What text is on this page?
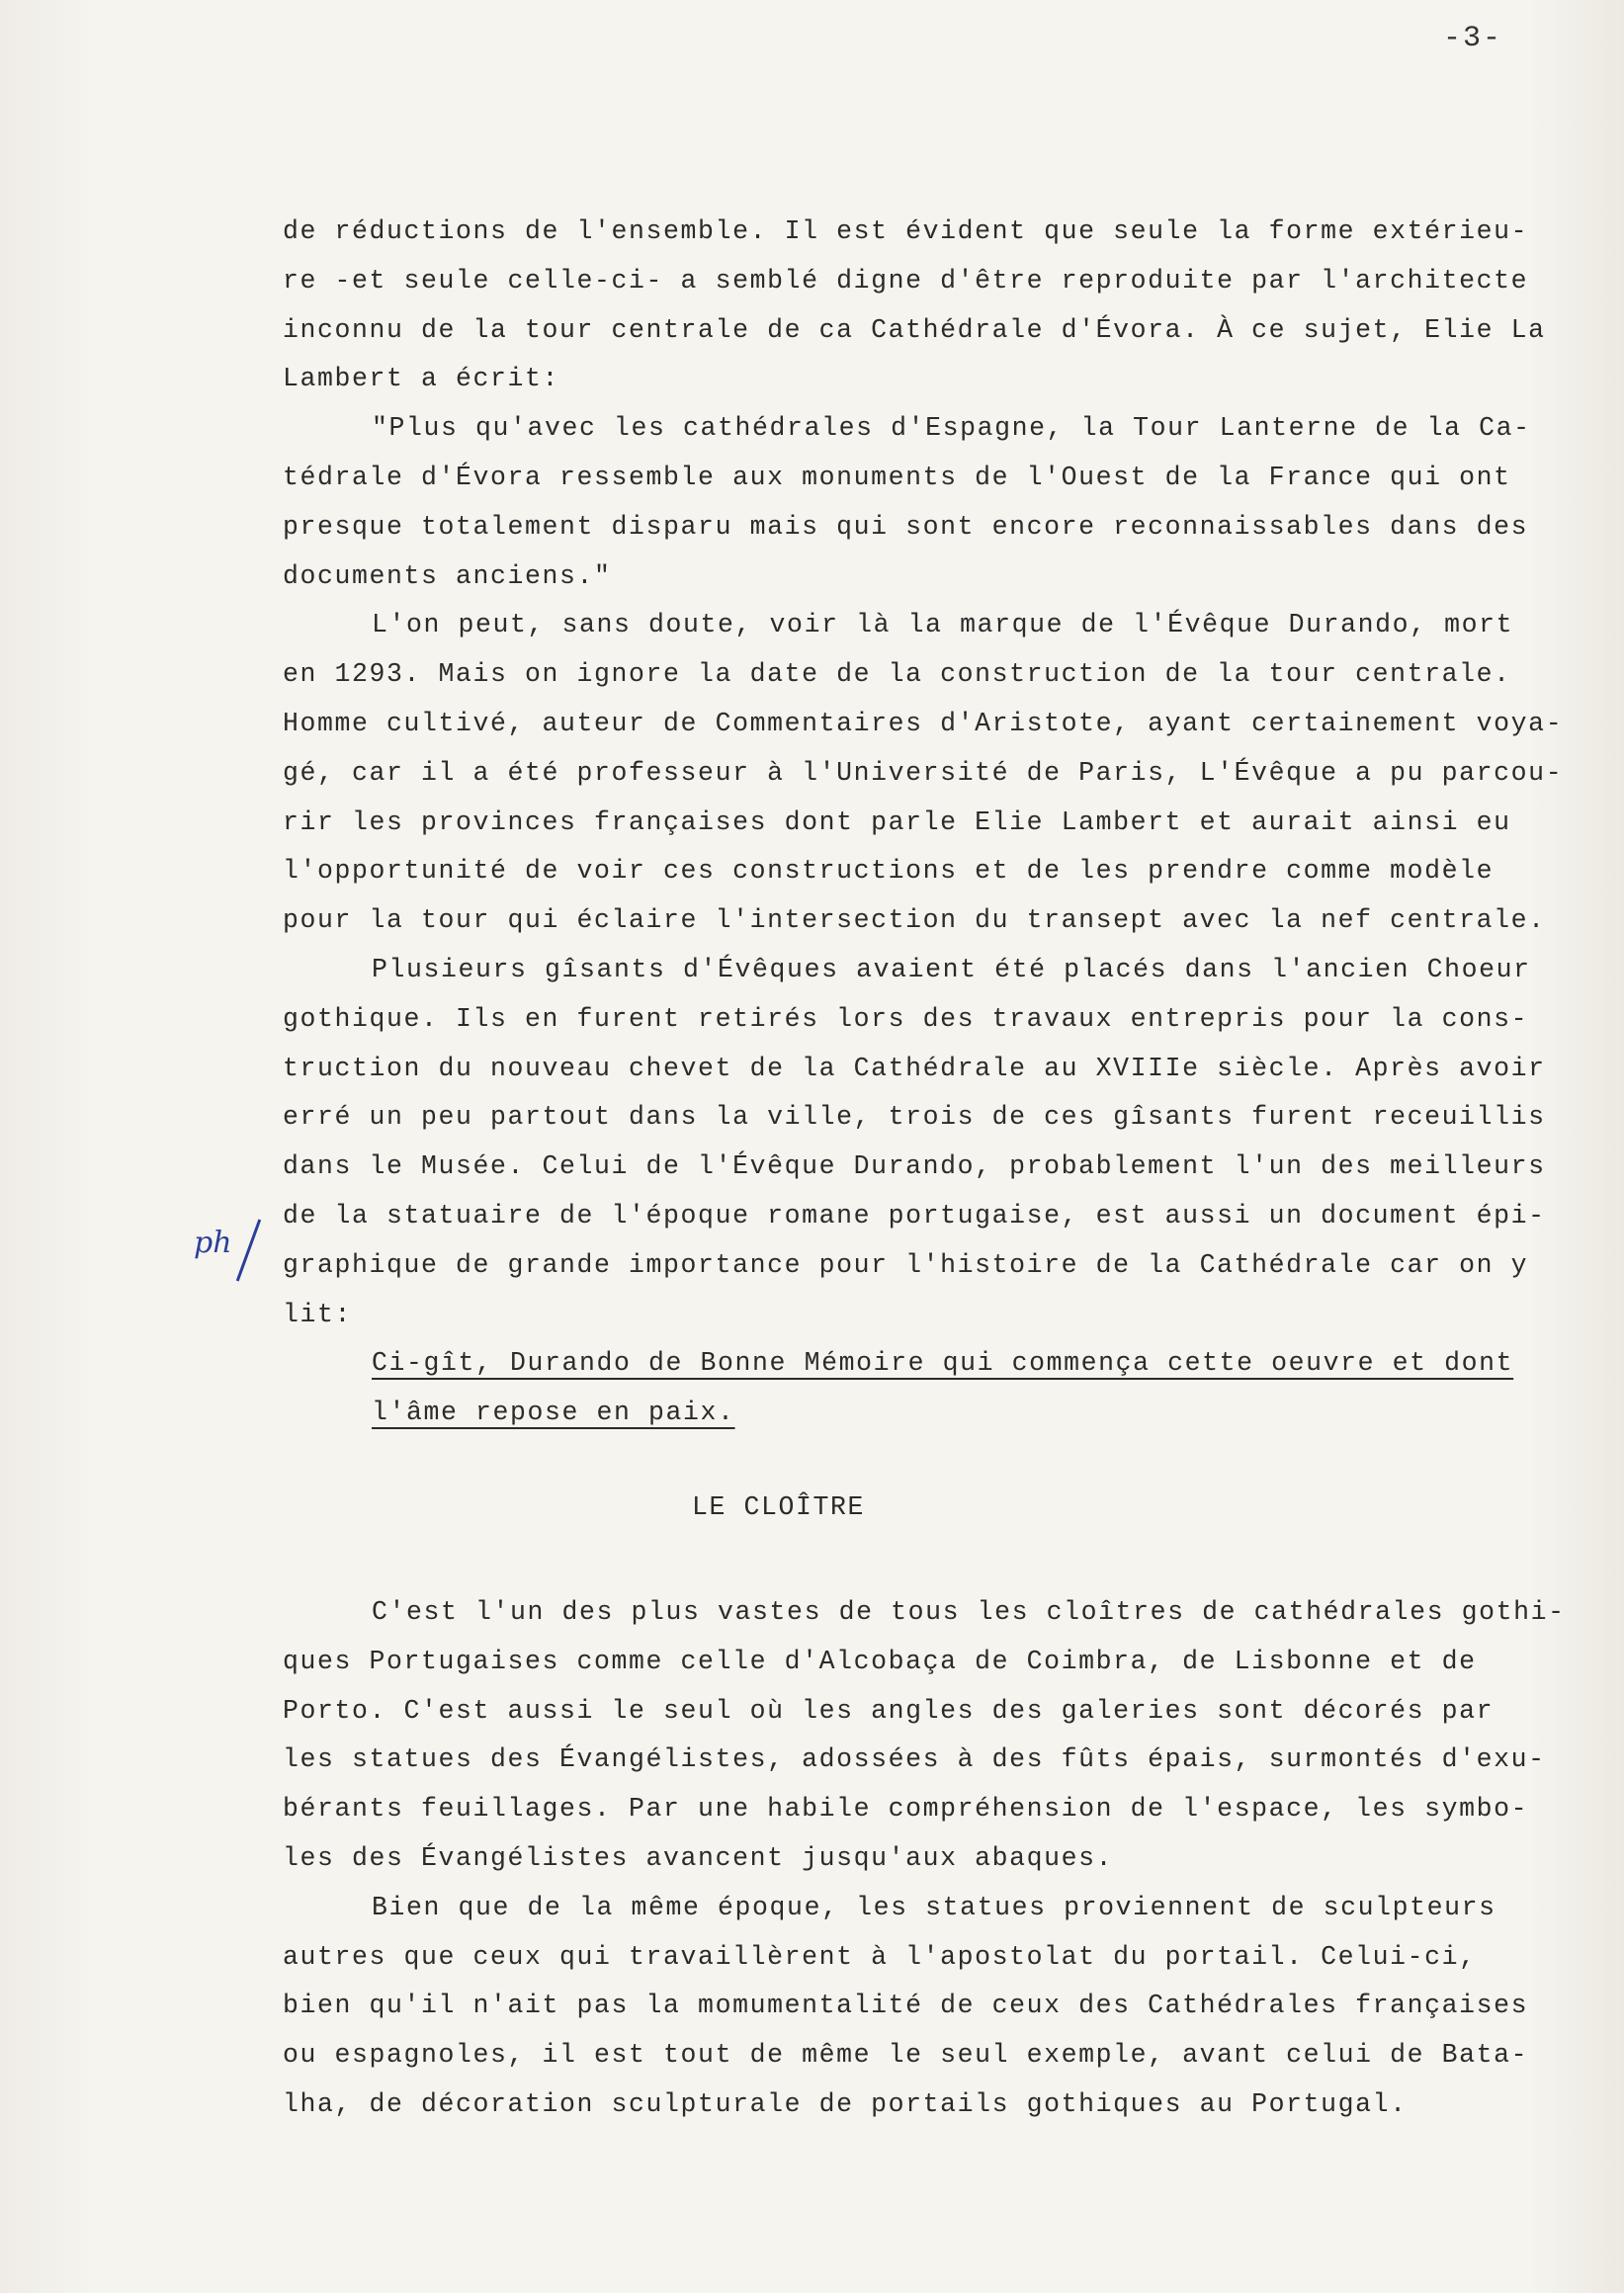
-3-
ph
de réductions de l'ensemble. Il est évident que seule la forme extérieu-
re -et seule celle-ci- a semblé digne d'être reproduite par l'architecte
inconnu de la tour centrale de ca Cathédrale d'Évora. À ce sujet, Elie La
Lambert a écrit:
"Plus qu'avec les cathédrales d'Espagne, la Tour Lanterne de la Ca-
tédrale d'Évora ressemble aux monuments de l'Ouest de la France qui ont
presque totalement disparu mais qui sont encore reconnaissables dans des
documents anciens."
L'on peut, sans doute, voir là la marque de l'Évêque Durando, mort
en 1293. Mais on ignore la date de la construction de la tour centrale.
Homme cultivé, auteur de Commentaires d'Aristote, ayant certainement voya-
gé, car il a été professeur à l'Université de Paris, L'Évêque a pu parcou-
rir les provinces françaises dont parle Elie Lambert et aurait ainsi eu
l'opportunité de voir ces constructions et de les prendre comme modèle
pour la tour qui éclaire l'intersection du transept avec la nef centrale.
Plusieurs gîsants d'Évêques avaient été placés dans l'ancien Choeur
gothique. Ils en furent retirés lors des travaux entrepris pour la cons-
truction du nouveau chevet de la Cathédrale au XVIIIe siècle. Après avoir
erré un peu partout dans la ville, trois de ces gîsants furent receuillis
dans le Musée. Celui de l'Évêque Durando, probablement l'un des meilleurs
de la statuaire de l'époque romane portugaise, est aussi un document épi-
graphique de grande importance pour l'histoire de la Cathédrale car on y
lit:
Ci-gît, Durando de Bonne Mémoire qui commença cette oeuvre et dont
l'âme repose en paix.
LE CLOÎTRE
C'est l'un des plus vastes de tous les cloîtres de cathédrales gothi-
ques Portugaises comme celle d'Alcobaça de Coimbra, de Lisbonne et de
Porto. C'est aussi le seul où les angles des galeries sont décorés par
les statues des Évangélistes, adossées à des fûts épais, surmontés d'exu-
bérants feuillages. Par une habile compréhension de l'espace, les symbo-
les des Évangélistes avancent jusqu'aux abaques.
Bien que de la même époque, les statues proviennent de sculpteurs
autres que ceux qui travaillèrent à l'apostolat du portail. Celui-ci,
bien qu'il n'ait pas la momumentalité de ceux des Cathédrales françaises
ou espagnoles, il est tout de même le seul exemple, avant celui de Bata-
lha, de décoration sculpturale de portails gothiques au Portugal.
